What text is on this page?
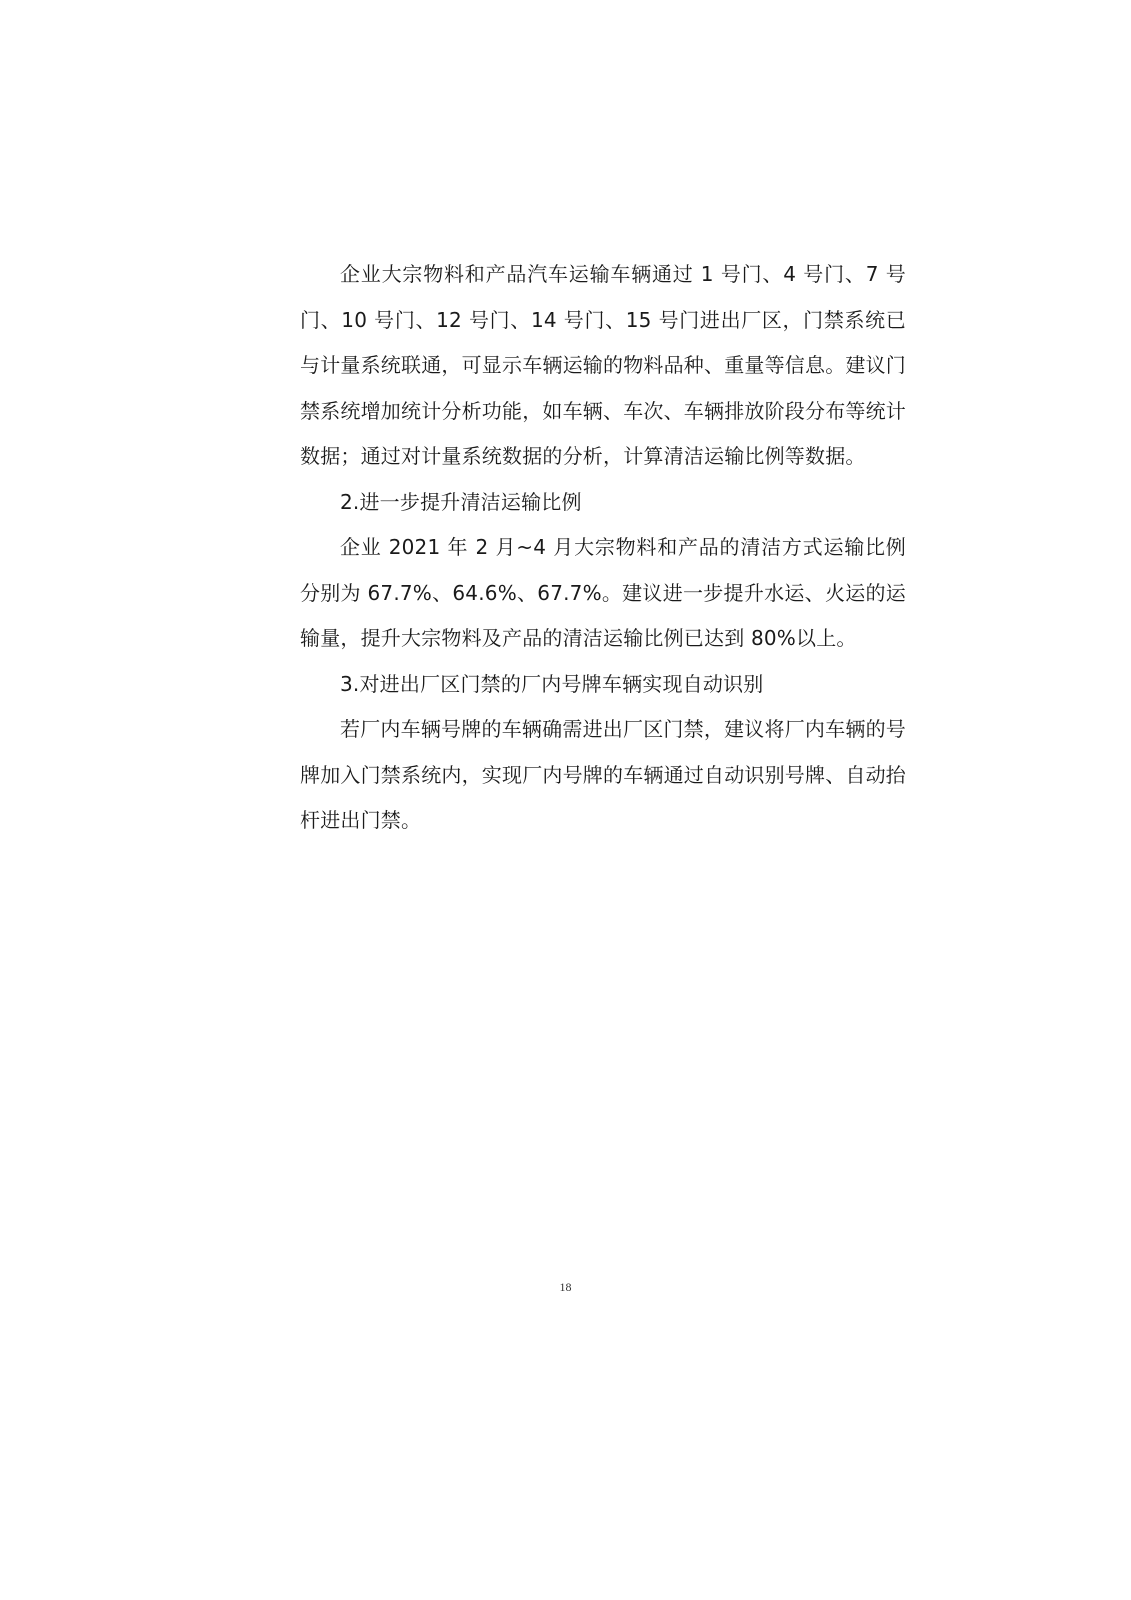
企业大宗物料和产品汽车运输车辆通过 1 号门、4 号门、7 号门、10 号门、12 号门、14 号门、15 号门进出厂区，门禁系统已与计量系统联通，可显示车辆运输的物料品种、重量等信息。建议门禁系统增加统计分析功能，如车辆、车次、车辆排放阶段分布等统计数据；通过对计量系统数据的分析，计算清洁运输比例等数据。

2.进一步提升清洁运输比例

企业 2021 年 2 月~4 月大宗物料和产品的清洁方式运输比例分别为 67.7%、64.6%、67.7%。建议进一步提升水运、火运的运输量，提升大宗物料及产品的清洁运输比例已达到 80%以上。

3.对进出厂区门禁的厂内号牌车辆实现自动识别

若厂内车辆号牌的车辆确需进出厂区门禁，建议将厂内车辆的号牌加入门禁系统内，实现厂内号牌的车辆通过自动识别号牌、自动抬杆进出门禁。

18
